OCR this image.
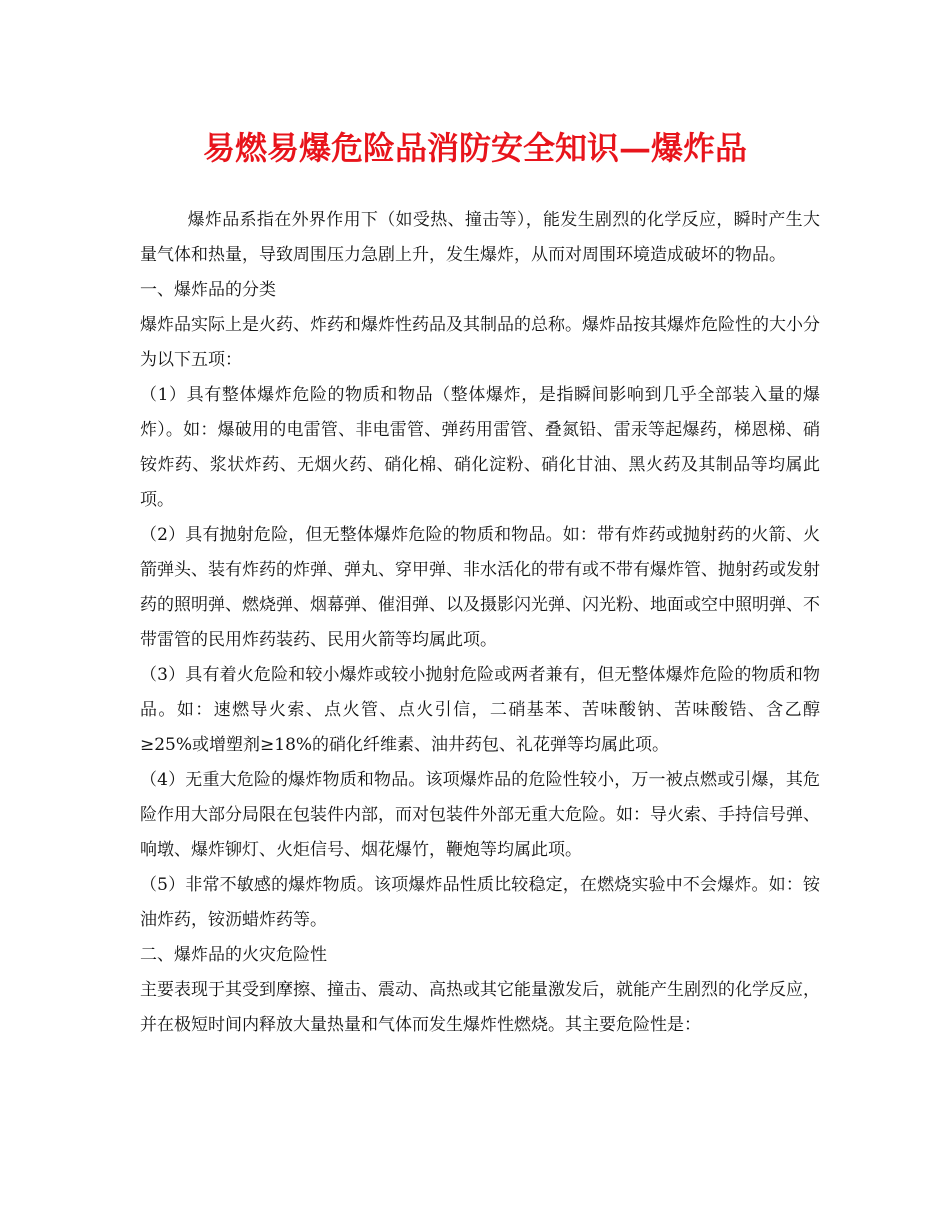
易燃易爆危险品消防安全知识—爆炸品

爆炸品系指在外界作用下（如受热、撞击等），能发生剧烈的化学反应，瞬时产生大量气体和热量，导致周围压力急剧上升，发生爆炸，从而对周围环境造成破坏的物品。

一、爆炸品的分类

爆炸品实际上是火药、炸药和爆炸性药品及其制品的总称。爆炸品按其爆炸危险性的大小分为以下五项：

（1）具有整体爆炸危险的物质和物品（整体爆炸，是指瞬间影响到几乎全部装入量的爆炸）。如：爆破用的电雷管、非电雷管、弹药用雷管、叠氮铅、雷汞等起爆药，梯恩梯、硝铵炸药、浆状炸药、无烟火药、硝化棉、硝化淀粉、硝化甘油、黑火药及其制品等均属此项。

（2）具有抛射危险，但无整体爆炸危险的物质和物品。如：带有炸药或抛射药的火箭、火箭弹头、装有炸药的炸弹、弹丸、穿甲弹、非水活化的带有或不带有爆炸管、抛射药或发射药的照明弹、燃烧弹、烟幕弹、催泪弹、以及摄影闪光弹、闪光粉、地面或空中照明弹、不带雷管的民用炸药装药、民用火箭等均属此项。

（3）具有着火危险和较小爆炸或较小抛射危险或两者兼有，但无整体爆炸危险的物质和物品。如：速燃导火索、点火管、点火引信，二硝基苯、苦味酸钠、苦味酸锆、含乙醇≥25%或增塑剂≥18%的硝化纤维素、油井药包、礼花弹等均属此项。

（4）无重大危险的爆炸物质和物品。该项爆炸品的危险性较小，万一被点燃或引爆，其危险作用大部分局限在包装件内部，而对包装件外部无重大危险。如：导火索、手持信号弹、响墩、爆炸铆灯、火炬信号、烟花爆竹，鞭炮等均属此项。

（5）非常不敏感的爆炸物质。该项爆炸品性质比较稳定，在燃烧实验中不会爆炸。如：铵油炸药，铵沥蜡炸药等。

二、爆炸品的火灾危险性

主要表现于其受到摩擦、撞击、震动、高热或其它能量激发后，就能产生剧烈的化学反应，并在极短时间内释放大量热量和气体而发生爆炸性燃烧。其主要危险性是：
